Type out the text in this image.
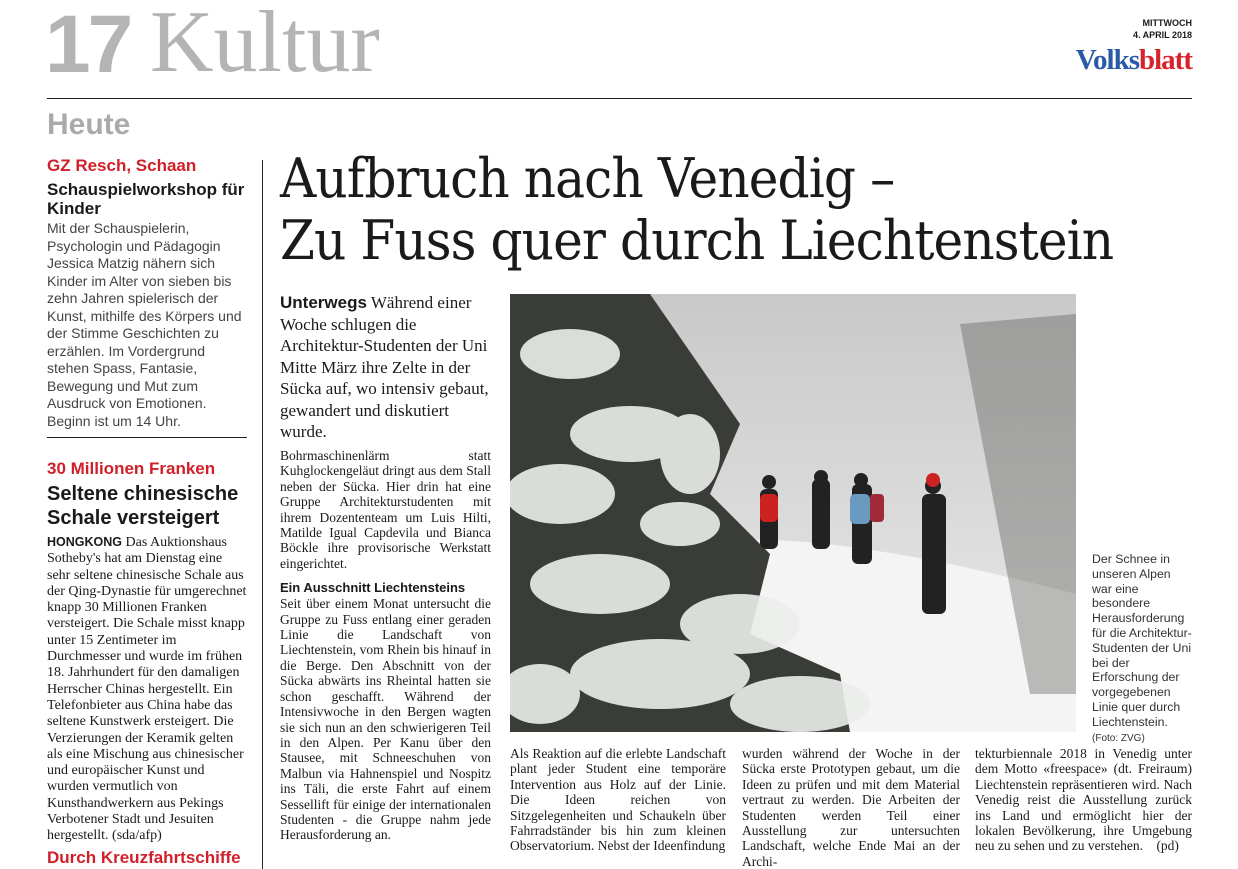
17 Kultur	MITTWOCH
4. APRIL 2018
Volksblatt
Heute
GZ Resch, Schaan
Schauspielworkshop für Kinder
Mit der Schauspielerin, Psychologin und Pädagogin Jessica Matzig nähern sich Kinder im Alter von sieben bis zehn Jahren spielerisch der Kunst, mithilfe des Körpers und der Stimme Geschichten zu erzählen. Im Vordergrund stehen Spass, Fantasie, Bewegung und Mut zum Ausdruck von Emotionen. Beginn ist um 14 Uhr.
30 Millionen Franken
Seltene chinesische Schale versteigert
HONGKONG Das Auktionshaus Sotheby's hat am Dienstag eine sehr seltene chinesische Schale aus der Qing-Dynastie für umgerechnet knapp 30 Millionen Franken versteigert. Die Schale misst knapp unter 15 Zentimeter im Durchmesser und wurde im frühen 18. Jahrhundert für den damaligen Herrscher Chinas hergestellt. Ein Telefonbieter aus China habe das seltene Kunstwerk ersteigert. Die Verzierungen der Keramik gelten als eine Mischung aus chinesischer und europäischer Kunst und wurden vermutlich von Kunsthandwerkern aus Pekings Verbotener Stadt und Jesuiten hergestellt. (sda/afp)
Durch Kreuzfahrtschiffe
Aufbruch nach Venedig –
Zu Fuss quer durch Liechtenstein
Unterwegs Während einer Woche schlugen die Architektur-Studenten der Uni Mitte März ihre Zelte in der Sücka auf, wo intensiv gebaut, gewandert und diskutiert wurde.

Bohrmaschinenlärm statt Kuhglockengeläut dringt aus dem Stall neben der Sücka. Hier drin hat eine Gruppe Architekturstudenten mit ihrem Dozententeam um Luis Hilti, Matilde Igual Capdevila und Bianca Böckle ihre provisorische Werkstatt eingerichtet.

Ein Ausschnitt Liechtensteins

Seit über einem Monat untersucht die Gruppe zu Fuss entlang einer geraden Linie die Landschaft von Liechtenstein, vom Rhein bis hinauf in die Berge. Den Abschnitt von der Sücka abwärts ins Rheintal hatten sie schon geschafft. Während der Intensivwoche in den Bergen wagten sie sich nun an den schwierigeren Teil in den Alpen. Per Kanu über den Stausee, mit Schneeschuhen von Malbun via Hahnenspiel und Nospitz ins Täli, die erste Fahrt auf einem Sessellift für einige der internationalen Studenten - die Gruppe nahm jede Herausforderung an.

Der Schnee in unseren Alpen war eine besondere Herausforderung für die Architektur-Studenten der Uni bei der Erforschung der vorgegebenen Linie quer durch Liechtenstein. (Foto: ZVG)
Als Reaktion auf die erlebte Landschaft plant jeder Student eine temporäre Intervention aus Holz auf der Linie. Die Ideen reichen von Sitzgelegenheiten und Schaukeln über Fahrradständer bis hin zum kleinen Observatorium. Nebst der Ideenfindung
wurden während der Woche in der Sücka erste Prototypen gebaut, um die Ideen zu prüfen und mit dem Material vertraut zu werden. Die Arbeiten der Studenten werden Teil einer Ausstellung zur untersuchten Landschaft, welche Ende Mai an der Archi-
tekturbiennale 2018 in Venedig unter dem Motto «freespace» (dt. Freiraum) Liechtenstein repräsentieren wird. Nach Venedig reist die Ausstellung zurück ins Land und ermöglicht hier der lokalen Bevölkerung, ihre Umgebung neu zu sehen und zu verstehen.    (pd)
